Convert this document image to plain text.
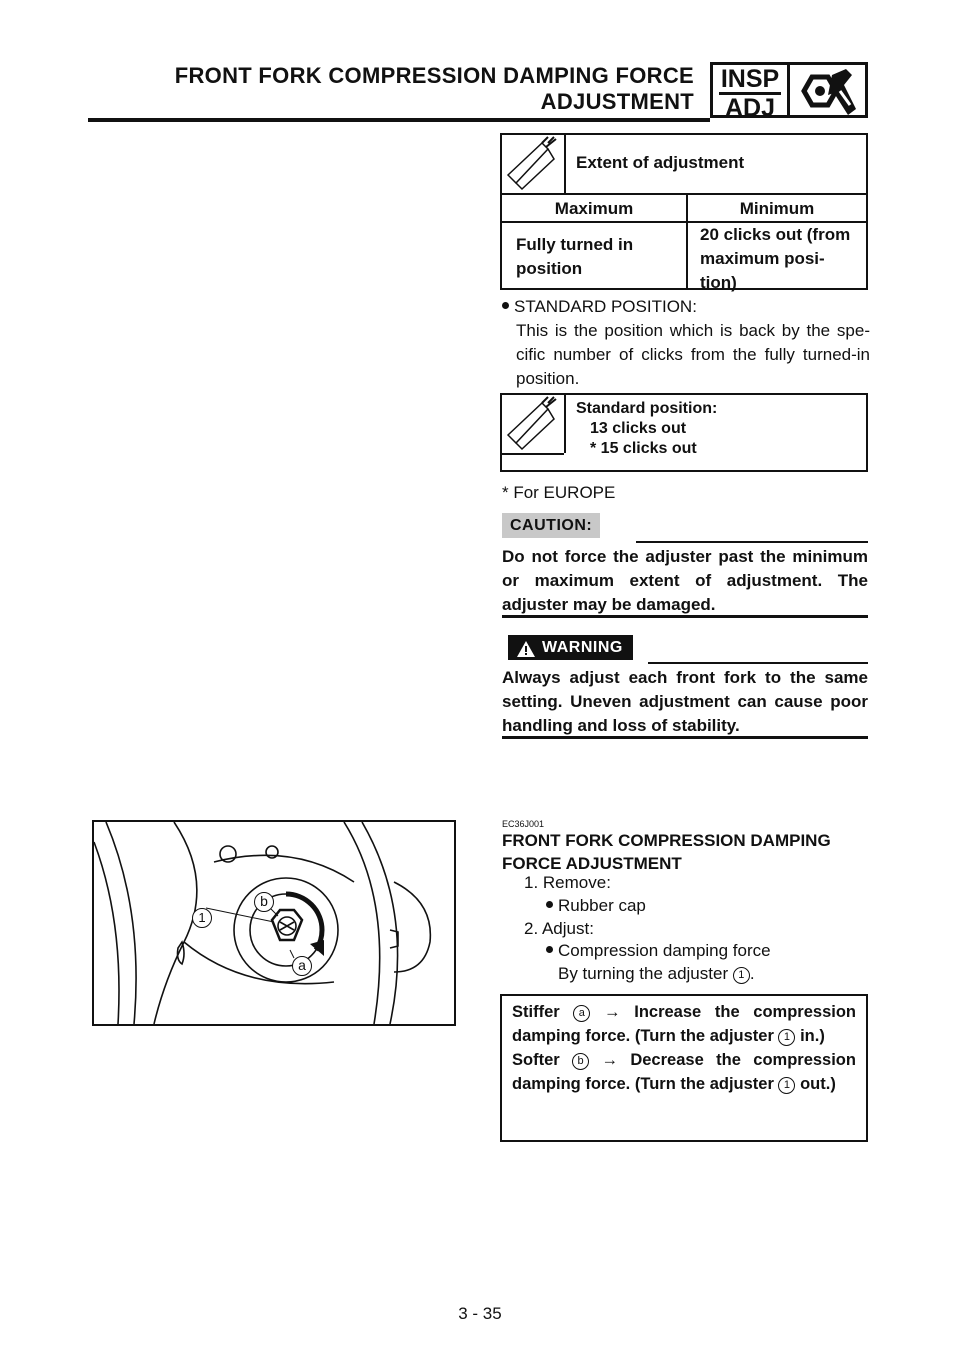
FRONT FORK COMPRESSION DAMPING FORCE
ADJUSTMENT
INSP
ADJ
Extent of adjustment
Maximum	Minimum
Fully turned in position
20 clicks out (from maximum posi-tion)
STANDARD POSITION:
This is the position which is back by the spe-cific number of clicks from the fully turned-in position.
Standard position:
13 clicks out
* 15 clicks out
* For EUROPE
CAUTION:
Do not force the adjuster past the minimum or maximum extent of adjustment. The adjuster may be damaged.
WARNING
Always adjust each front fork to the same setting. Uneven adjustment can cause poor handling and loss of stability.
1
b
a
EC36J001
FRONT FORK COMPRESSION DAMPING
FORCE ADJUSTMENT
1. Remove:
Rubber cap
2. Adjust:
Compression damping force
By turning the adjuster 1 .
Stiffer a → Increase the compression damping force. (Turn the adjuster 1 in.)
Softer b → Decrease the compression damping force. (Turn the adjuster 1 out.)
3 - 35
